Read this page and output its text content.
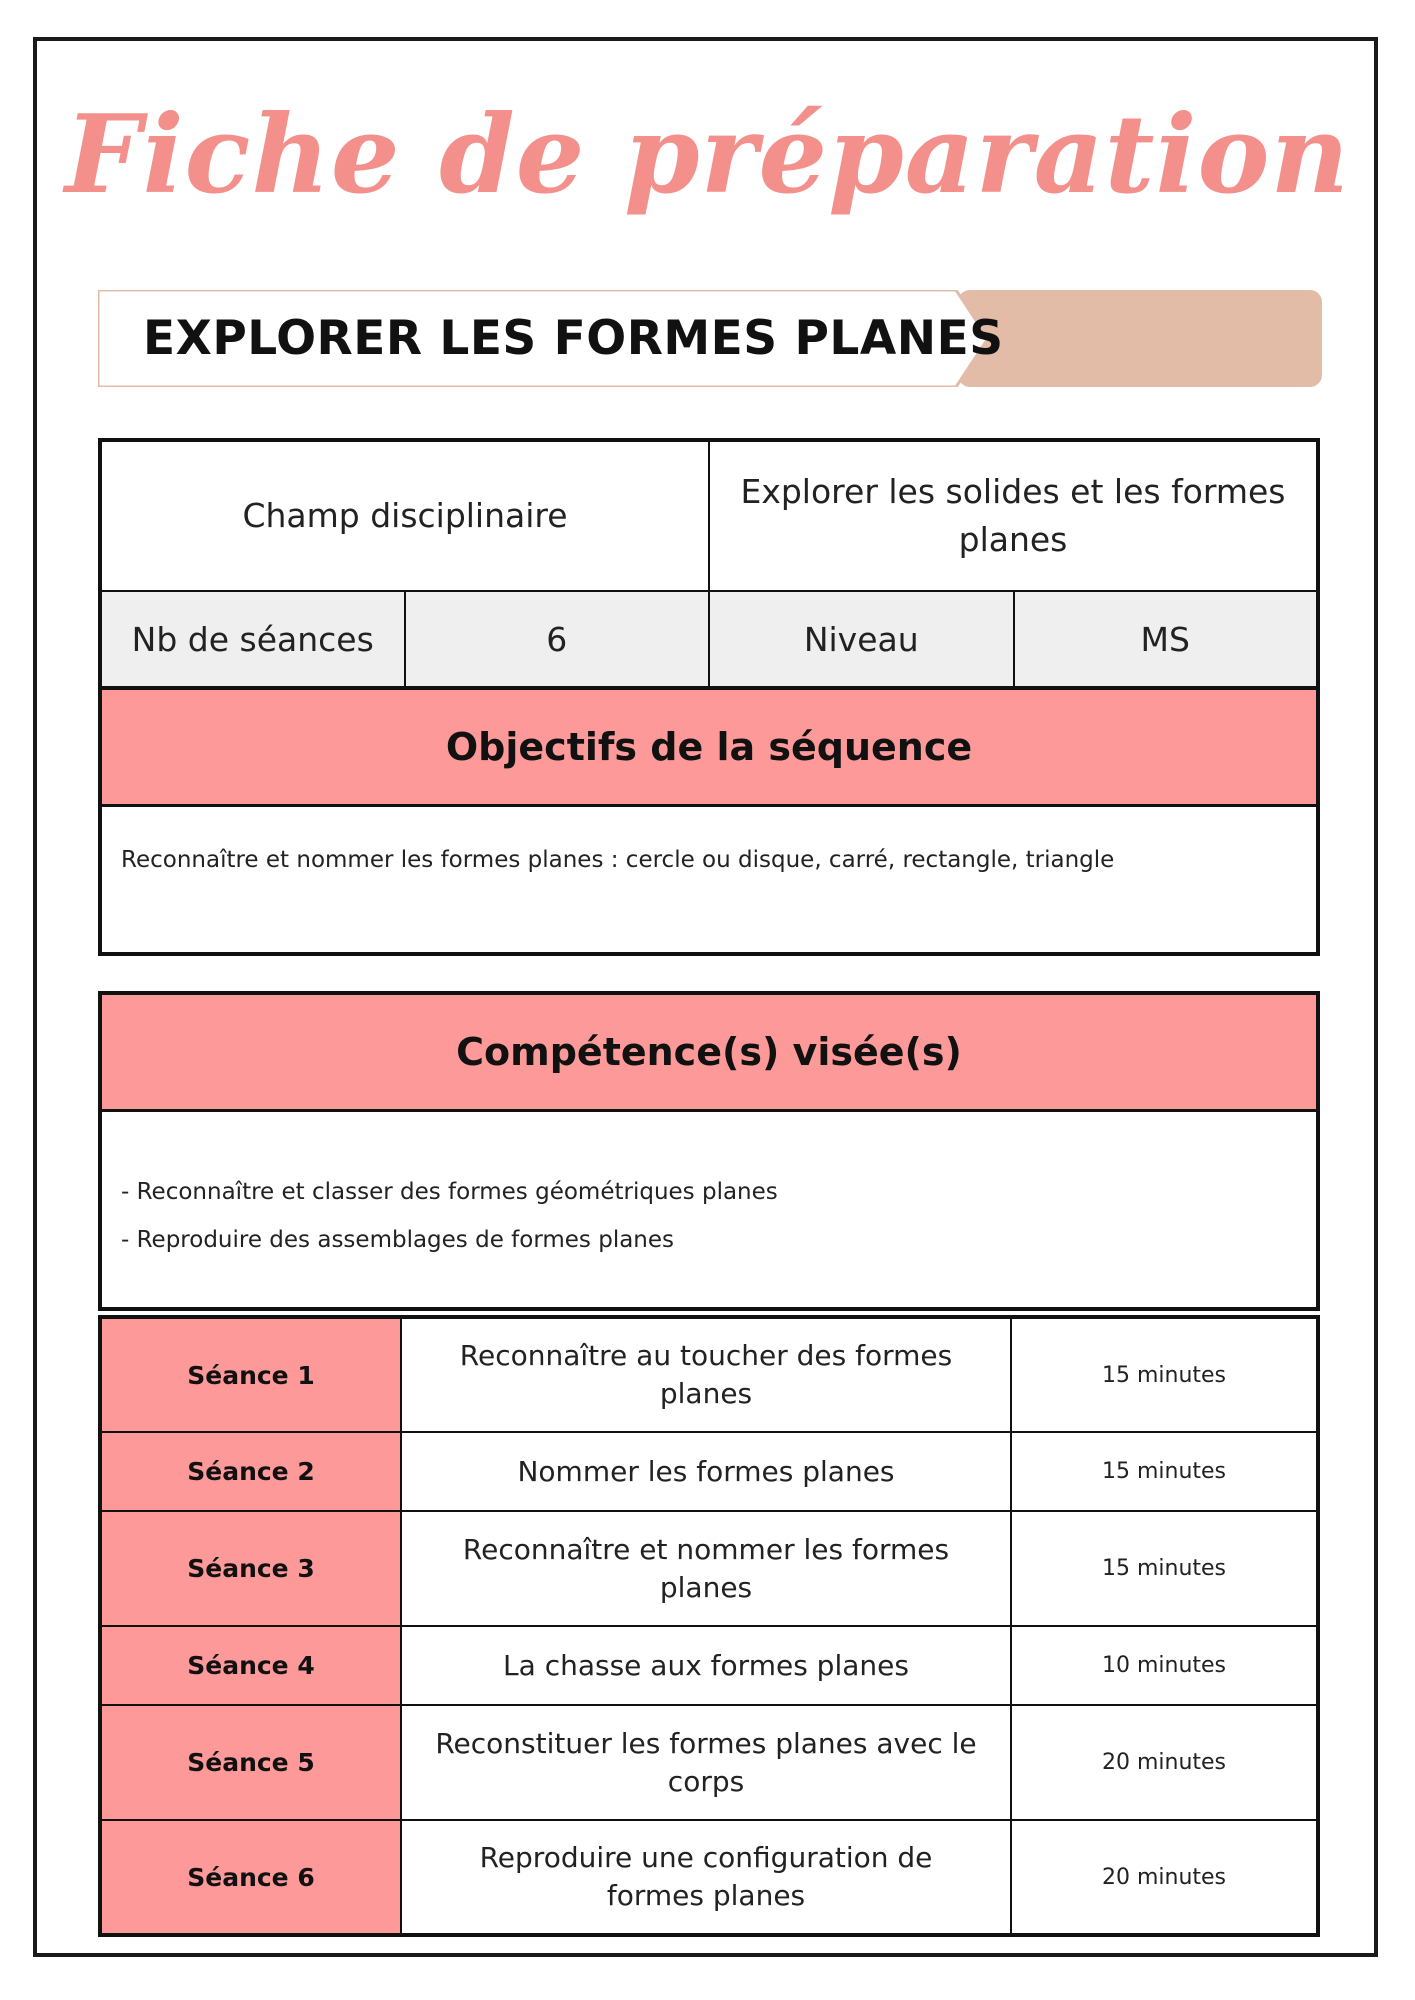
Fiche de préparation
EXPLORER LES FORMES PLANES
Champ disciplinaire		Explorer les solides et les formes planes	
Nb de séances	6	Niveau	MS
Objectifs de la séquence
Reconnaître et nommer les formes planes : cercle ou disque, carré, rectangle, triangle
Compétence(s) visée(s)
- Reconnaître et classer des formes géométriques planes
- Reproduire des assemblages de formes planes
Séance 1	Reconnaître au toucher des formes planes	15 minutes
Séance 2	Nommer les formes planes	15 minutes
Séance 3	Reconnaître et nommer les formes planes	15 minutes
Séance 4	La chasse aux formes planes	10 minutes
Séance 5	Reconstituer les formes planes avec le corps	20 minutes
Séance 6	Reproduire une configuration de formes planes	20 minutes
